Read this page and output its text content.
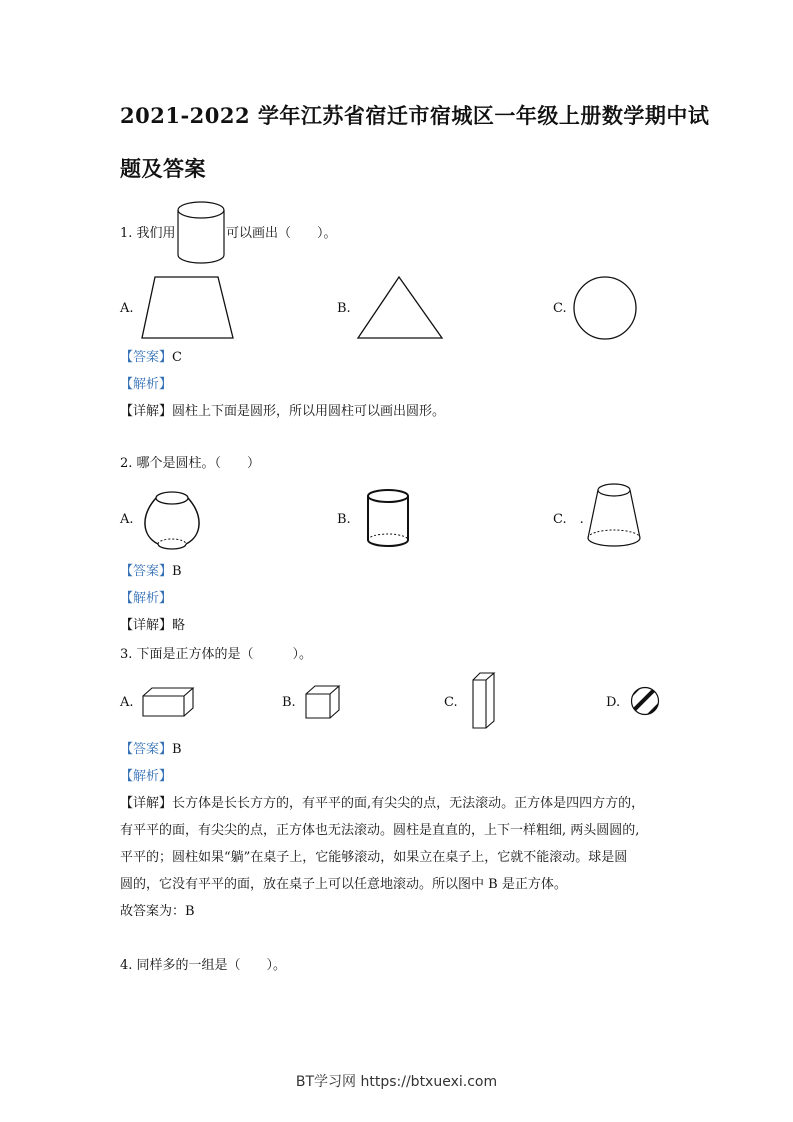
2021-2022 学年江苏省宿迁市宿城区一年级上册数学期中试
题及答案
1. 我们用	可以画出（　　）。
A.	B.	C.
【答案】C
【解析】
【详解】圆柱上下面是圆形，所以用圆柱可以画出圆形。
2. 哪个是圆柱。（　　）
A.	B.	C.　.
【答案】B
【解析】
【详解】略
3. 下面是正方体的是（　　　）。
A.	B.	C.	D.
【答案】B
【解析】
【详解】长方体是长长方方的，有平平的面,有尖尖的点，无法滚动。正方体是四四方方的，
有平平的面，有尖尖的点，正方体也无法滚动。圆柱是直直的，上下一样粗细, 两头圆圆的,
平平的；圆柱如果“躺”在桌子上，它能够滚动，如果立在桌子上，它就不能滚动。球是圆
圆的，它没有平平的面，放在桌子上可以任意地滚动。所以图中 B 是正方体。
故答案为：B
4. 同样多的一组是（　　）。
BT学习网 https://btxuexi.com
